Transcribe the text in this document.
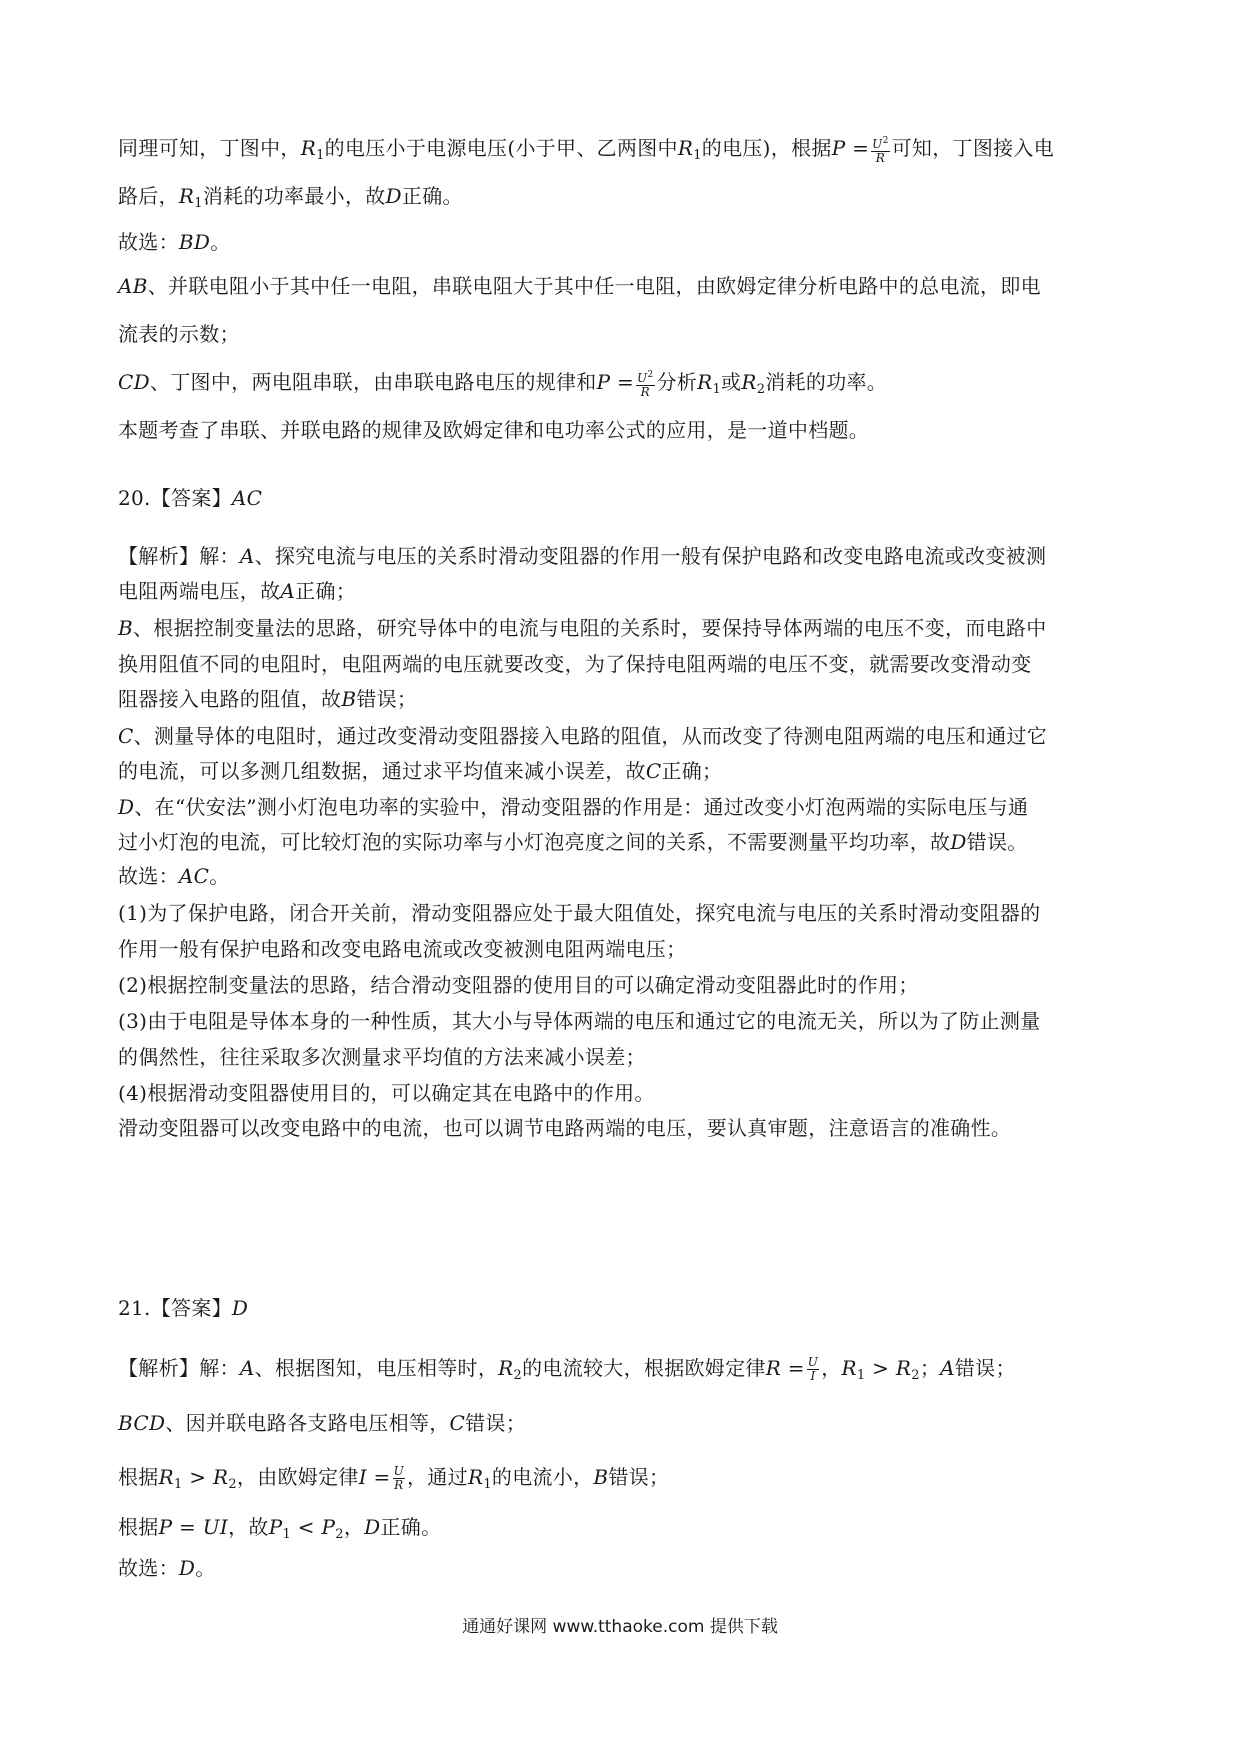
同理可知，丁图中，$R_1$的电压小于电源电压(小于甲、乙两图中$R_1$的电压)，根据$P = \frac{U^2}{R}$ 可知，丁图接入电
路后，$R_1$消耗的功率最小，故D正确。
故选：BD。
AB、并联电阻小于其中任一电阻，串联电阻大于其中任一电阻，由欧姆定律分析电路中的总电流，即电
流表的示数；
CD、丁图中，两电阻串联，由串联电路电压的规律和$P = \frac{U^2}{R}$ 分析$R_1$或$R_2$消耗的功率。
本题考查了串联、并联电路的规律及欧姆定律和电功率公式的应用，是一道中档题。
20.【答案】AC
【解析】解：A、探究电流与电压的关系时滑动变阻器的作用一般有保护电路和改变电路电流或改变被测
电阻两端电压，故A正确；
B、根据控制变量法的思路，研究导体中的电流与电阻的关系时，要保持导体两端的电压不变，而电路中
换用阻值不同的电阻时，电阻两端的电压就要改变，为了保持电阻两端的电压不变，就需要改变滑动变
阻器接入电路的阻值，故B错误；
C、测量导体的电阻时，通过改变滑动变阻器接入电路的阻值，从而改变了待测电阻两端的电压和通过它
的电流，可以多测几组数据，通过求平均值来减小误差，故C正确；
D、在“伏安法”测小灯泡电功率的实验中，滑动变阻器的作用是：通过改变小灯泡两端的实际电压与通
过小灯泡的电流，可比较灯泡的实际功率与小灯泡亮度之间的关系，不需要测量平均功率，故D错误。
故选：AC。
(1)为了保护电路，闭合开关前，滑动变阻器应处于最大阻值处，探究电流与电压的关系时滑动变阻器的
作用一般有保护电路和改变电路电流或改变被测电阻两端电压；
(2)根据控制变量法的思路，结合滑动变阻器的使用目的可以确定滑动变阻器此时的作用；
(3)由于电阻是导体本身的一种性质，其大小与导体两端的电压和通过它的电流无关，所以为了防止测量
的偶然性，往往采取多次测量求平均值的方法来减小误差；
(4)根据滑动变阻器使用目的，可以确定其在电路中的作用。
滑动变阻器可以改变电路中的电流，也可以调节电路两端的电压，要认真审题，注意语言的准确性。
21.【答案】D
【解析】解：A、根据图知，电压相等时，$R_2$的电流较大，根据欧姆定律$R = \frac{U}{I}$ ，$R_1 > R_2$；A错误；
BCD、因并联电路各支路电压相等，C错误；
根据$R_1 > R_2$，由欧姆定律$I = \frac{U}{R}$ ，通过$R_1$的电流小，B错误；
根据P = UI，故$P_1 < P_2$，D正确。
故选：D。
通通好课网 www.tthaoke.com 提供下载
